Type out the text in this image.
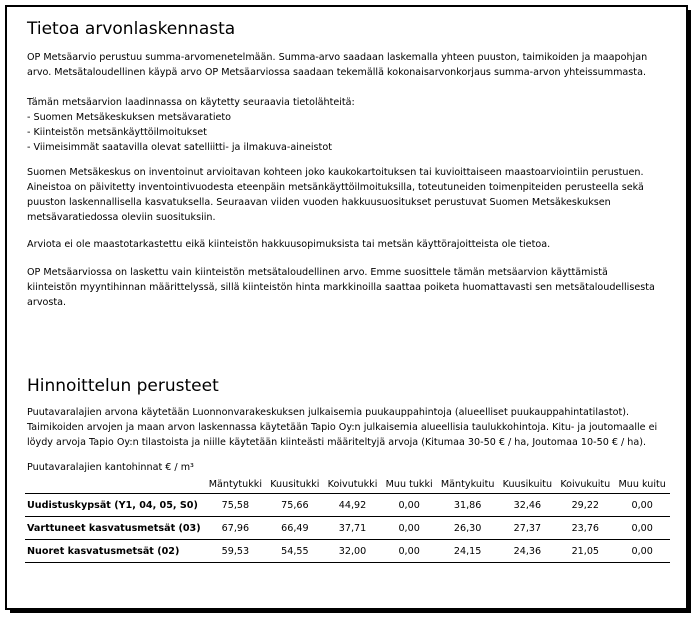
Tietoa arvonlaskennasta

OP Metsäarvio perustuu summa-arvomenetelmään. Summa-arvo saadaan laskemalla yhteen puuston, taimikoiden ja maapohjan
arvo. Metsätaloudellinen käypä arvo OP Metsäarviossa saadaan tekemällä kokonaisarvonkorjaus summa-arvon yhteissummasta.

Tämän metsäarvion laadinnassa on käytetty seuraavia tietolähteitä:
- Suomen Metsäkeskuksen metsävaratieto
- Kiinteistön metsänkäyttöilmoitukset
- Viimeisimmät saatavilla olevat satelliitti- ja ilmakuva-aineistot

Suomen Metsäkeskus on inventoinut arvioitavan kohteen joko kaukokartoituksen tai kuvioittaiseen maastoarviointiin perustuen.
Aineistoa on päivitetty inventointivuodesta eteenpäin metsänkäyttöilmoituksilla, toteutuneiden toimenpiteiden perusteella sekä
puuston laskennallisella kasvatuksella. Seuraavan viiden vuoden hakkuusuositukset perustuvat Suomen Metsäkeskuksen
metsävaratiedossa oleviin suosituksiin.

Arviota ei ole maastotarkastettu eikä kiinteistön hakkuusopimuksista tai metsän käyttörajoitteista ole tietoa.

OP Metsäarviossa on laskettu vain kiinteistön metsätaloudellinen arvo. Emme suosittele tämän metsäarvion käyttämistä
kiinteistön myyntihinnan määrittelyssä, sillä kiinteistön hinta markkinoilla saattaa poiketa huomattavasti sen metsätaloudellisesta
arvosta.

Hinnoittelun perusteet

Puutavaralajien arvona käytetään Luonnonvarakeskuksen julkaisemia puukauppahintoja (alueelliset puukauppahintatilastot).
Taimikoiden arvojen ja maan arvon laskennassa käytetään Tapio Oy:n julkaisemia alueellisia taulukkohintoja. Kitu- ja joutomaalle ei
löydy arvoja Tapio Oy:n tilastoista ja niille käytetään kiinteästi määriteltyjä arvoja (Kitumaa 30-50 € / ha, Joutomaa 10-50 € / ha).

Puutavaralajien kantohinnat € / m³

	Mäntytukki	Kuusitukki	Koivutukki	Muu tukki	Mäntykuitu	Kuusikuitu	Koivukuitu	Muu kuitu
Uudistuskypsät (Y1, 04, 05, S0)	75,58	75,66	44,92	0,00	31,86	32,46	29,22	0,00
Varttuneet kasvatusmetsät (03)	67,96	66,49	37,71	0,00	26,30	27,37	23,76	0,00
Nuoret kasvatusmetsät (02)	59,53	54,55	32,00	0,00	24,15	24,36	21,05	0,00
